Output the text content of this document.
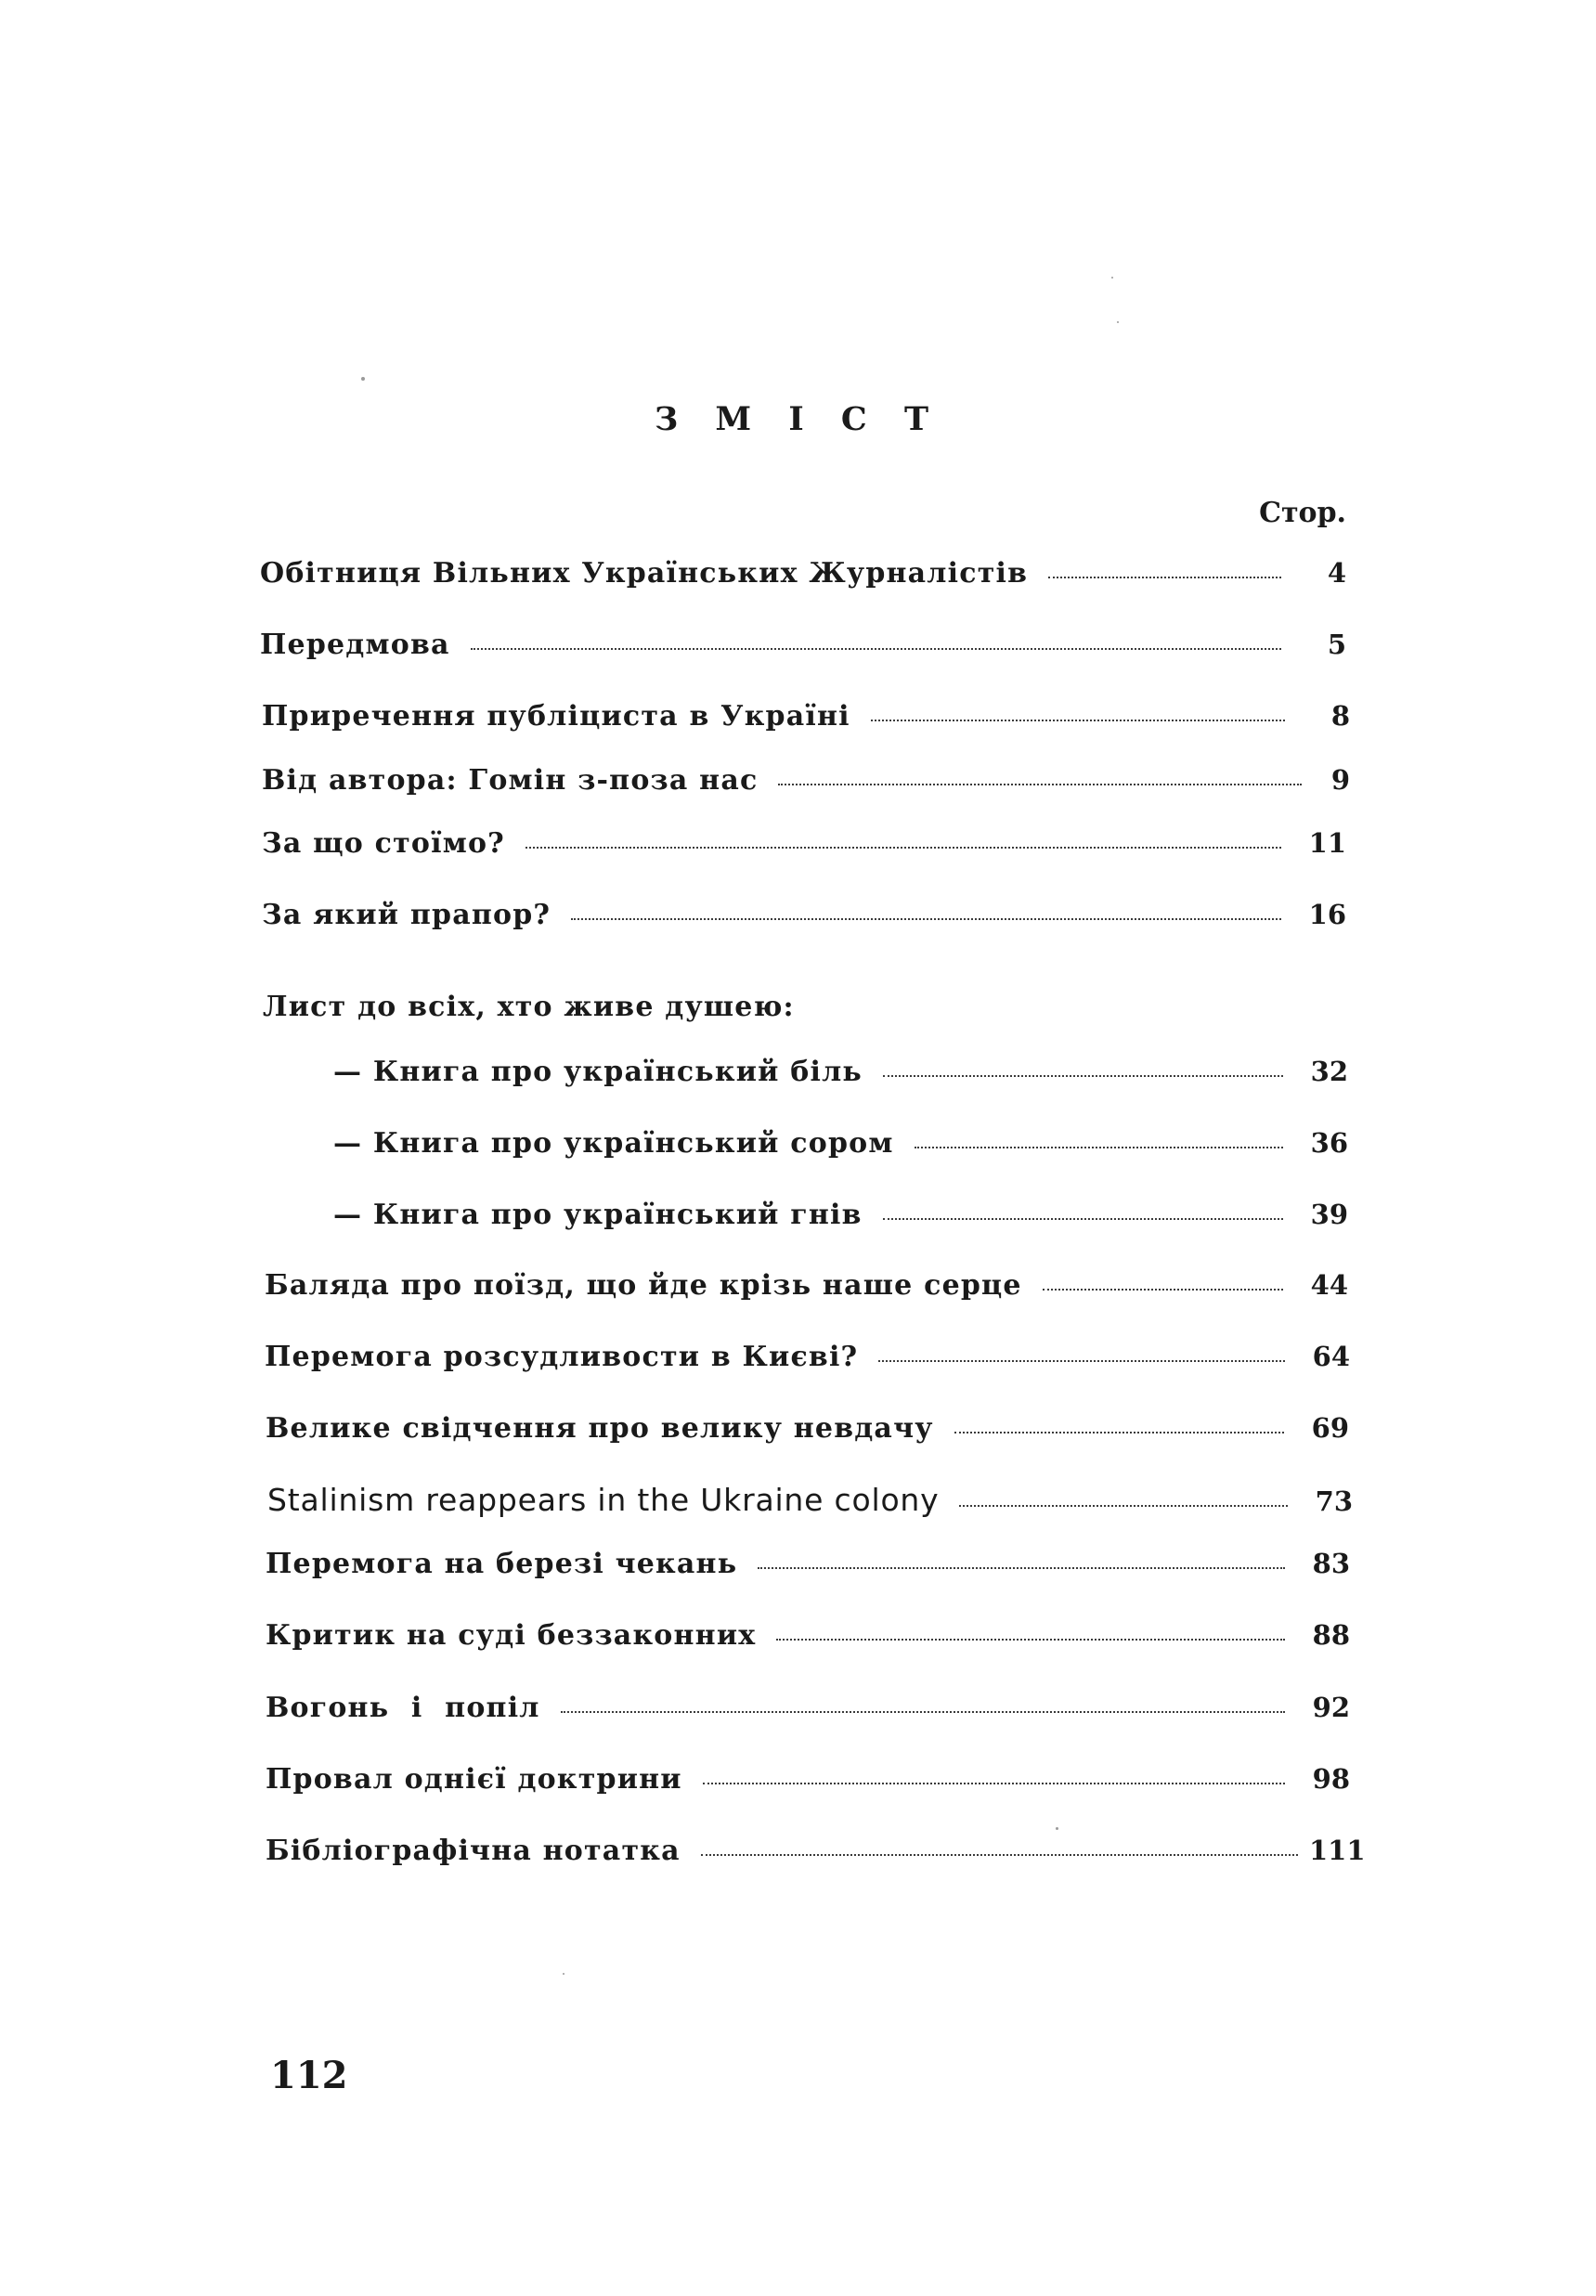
З М І С Т
Стор.
Обітниця Вільних Українських Журналістів	4
Передмова	5
Приречення публіциста в Україні	8
Від автора: Гомін з-поза нас	9
За що стоїмо?	11
За який прапор?	16
Лист до всіх, хто живе душею:
— Книга про український біль	32
— Книга про український сором	36
— Книга про український гнів	39
Баляда про поїзд, що йде крізь наше серце	44
Перемога розсудливости в Києві?	64
Велике свідчення про велику невдачу	69
Stalinism reappears in the Ukraine colony	73
Перемога на березі чекань	83
Критик на суді беззаконних	88
Вогонь і попіл	92
Провал однієї доктрини	98
Бібліографічна нотатка	111
112
